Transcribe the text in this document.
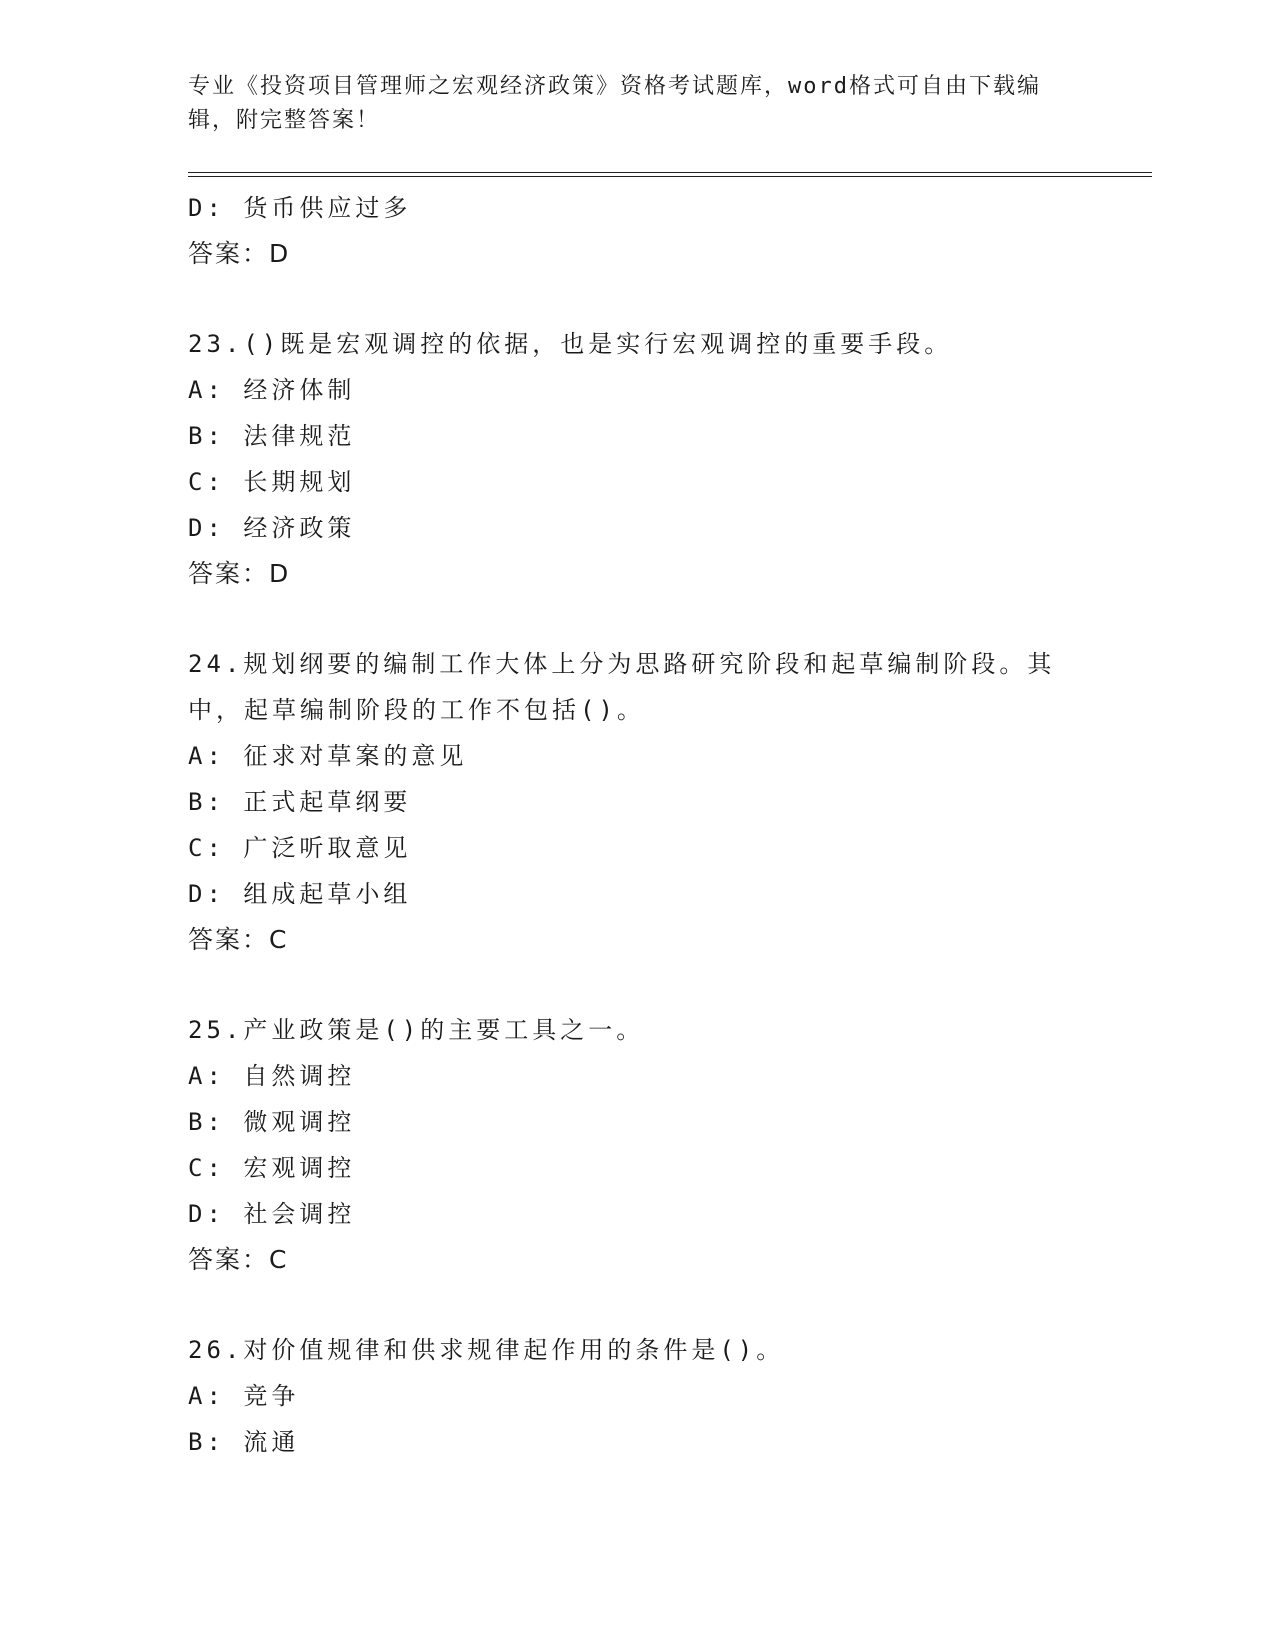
专业《投资项目管理师之宏观经济政策》资格考试题库，word格式可自由下载编辑，附完整答案！

D: 货币供应过多

答案：D

23.()既是宏观调控的依据，也是实行宏观调控的重要手段。

A: 经济体制

B: 法律规范

C: 长期规划

D: 经济政策

答案：D

24.规划纲要的编制工作大体上分为思路研究阶段和起草编制阶段。其中，起草编制阶段的工作不包括()。

A: 征求对草案的意见

B: 正式起草纲要

C: 广泛听取意见

D: 组成起草小组

答案：C

25.产业政策是()的主要工具之一。

A: 自然调控

B: 微观调控

C: 宏观调控

D: 社会调控

答案：C

26.对价值规律和供求规律起作用的条件是()。

A: 竞争

B: 流通
